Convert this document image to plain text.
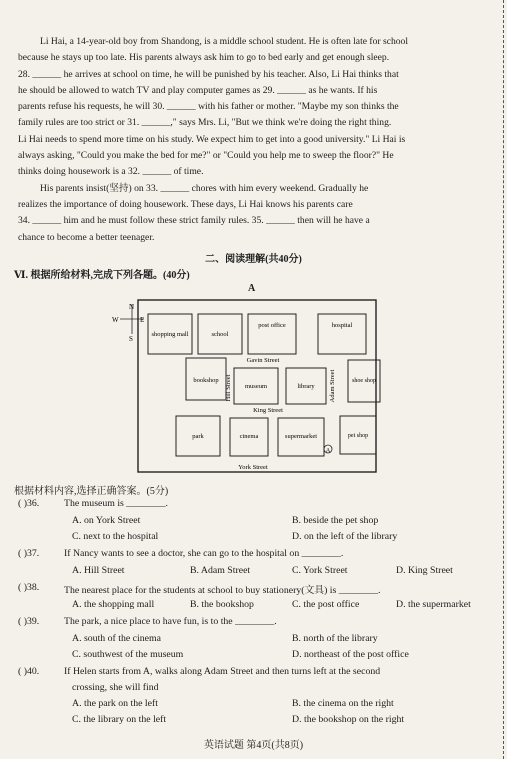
Li Hai, a 14-year-old boy from Shandong, is a middle school student. He is often late for school

because he stays up too late. His parents always ask him to go to bed early and get enough sleep.

28. ______ he arrives at school on time, he will be punished by his teacher. Also, Li Hai thinks that

he should be allowed to watch TV and play computer games as 29. ______ as he wants. If his

parents refuse his requests, he will 30. ______ with his father or mother. "Maybe my son thinks the

family rules are too strict or 31. ______," says Mrs. Li, "But we think we're doing the right thing.

Li Hai needs to spend more time on his study. We expect him to get into a good university." Li Hai is

always asking, "Could you make the bed for me?" or "Could you help me to sweep the floor?" He

thinks doing housework is a 32. ______ of time.

His parents insist(坚持) on 33. ______ chores with him every weekend. Gradually he

realizes the importance of doing housework. These days, Li Hai knows his parents care

34. ______ him and he must follow these strict family rules. 35. ______ then will he have a

chance to become a better teenager.

二、阅读理解(共40分)
Ⅵ. 根据所给材料,完成下列各题。(40分)
A
N
S
W	E
shopping mall	school
post office	hospital
Gavin Street
bookshop
museum	library
shoe shop
Hill Street	Adam Street
King Street
park	cinema	supermarket	pet shop
A
York Street
根据材料内容,选择正确答案。(5分)
( )36.	The museum is ________.
A. on York Street	B. beside the pet shop
C. next to the hospital	D. on the left of the library
( )37.	If Nancy wants to see a doctor, she can go to the hospital on ________.
A. Hill Street	B. Adam Street	C. York Street	D. King Street
( )38.	The nearest place for the students at school to buy stationery(文具) is ________.
A. the shopping mall	B. the bookshop	C. the post office	D. the supermarket
( )39.	The park, a nice place to have fun, is to the ________.
A. south of the cinema	B. north of the library
C. southwest of the museum	D. northeast of the post office
( )40.	If Helen starts from A, walks along Adam Street and then turns left at the second
crossing, she will find
A. the park on the left	B. the cinema on the right
C. the library on the left	D. the bookshop on the right
英语试题 第4页(共8页)
